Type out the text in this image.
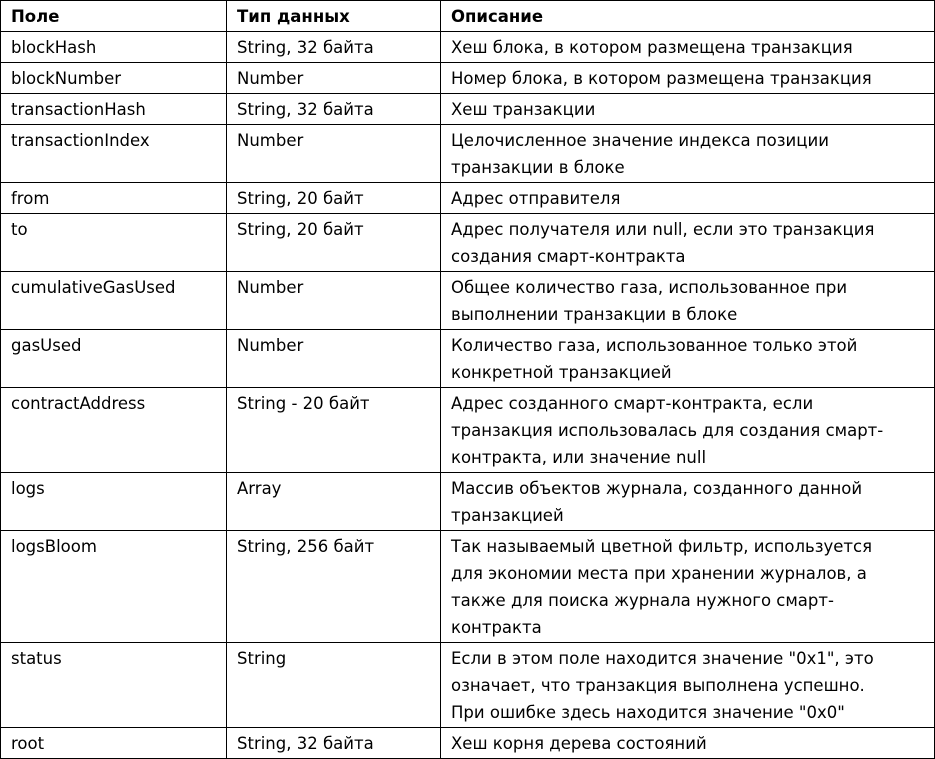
Поле	Тип данных	Описание
blockHash	String, 32 байта	Хеш блока, в котором размещена транзакция
blockNumber	Number	Номер блока, в котором размещена транзакция
transactionHash	String, 32 байта	Хеш транзакции
transactionIndex	Number	Целочисленное значение индекса позиции
транзакции в блоке
from	String, 20 байт	Адрес отправителя
to	String, 20 байт	Адрес получателя или null, если это транзакция
создания смарт-контракта
cumulativeGasUsed	Number	Общее количество газа, использованное при
выполнении транзакции в блоке
gasUsed	Number	Количество газа, использованное только этой
конкретной транзакцией
contractAddress	String - 20 байт	Адрес созданного смарт-контракта, если
транзакция использовалась для создания смарт-
контракта, или значение null
logs	Array	Массив объектов журнала, созданного данной
транзакцией
logsBloom	String, 256 байт	Так называемый цветной фильтр, используется
для экономии места при хранении журналов, а
также для поиска журнала нужного смарт-
контракта
status	String	Если в этом поле находится значение "0x1", это
означает, что транзакция выполнена успешно.
При ошибке здесь находится значение "0x0"
root	String, 32 байта	Хеш корня дерева состояний
